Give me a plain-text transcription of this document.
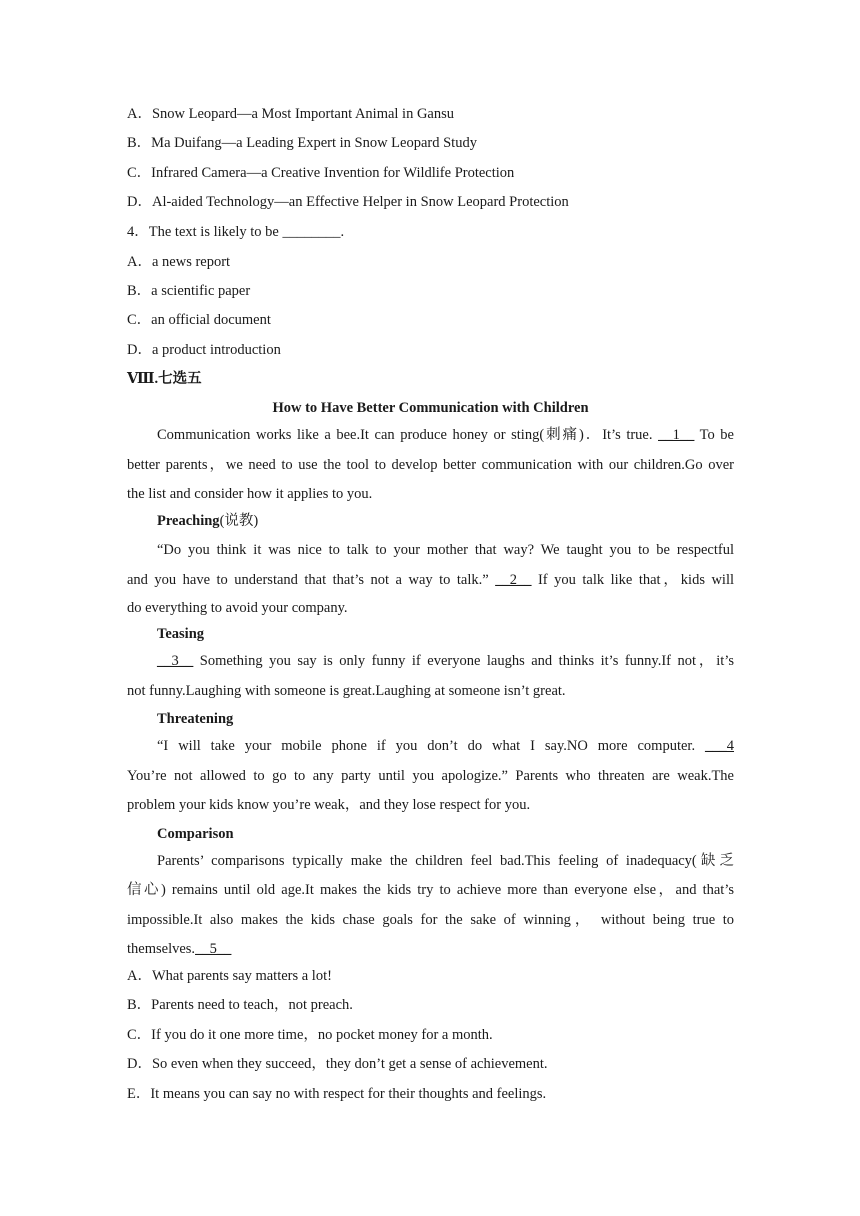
A．Snow Leopard—a Most Important Animal in Gansu
B．Ma Duifang—a Leading Expert in Snow Leopard Study
C．Infrared Camera—a Creative Invention for Wildlife Protection
D．Al-aided Technology—an Effective Helper in Snow Leopard Protection
4．The text is likely to be ________.
A．a news report
B．a scientific paper
C．an official document
D．a product introduction
Ⅷ.七选五
How to Have Better Communication with Children
Communication works like a bee.It can produce honey or sting(刺痛)．It’s true. __1__ To be
better parents，we need to use the tool to develop better communication with our children.Go over
the list and consider how it applies to you.
Preaching(说教)
“Do you think it was nice to talk to your mother that way? We taught you to be respectful
and you have to understand that that’s not a way to talk.” __2__ If you talk like that，kids will
do everything to avoid your company.
Teasing
__3__ Something you say is only funny if everyone laughs and thinks it’s funny.If not，it’s
not funny.Laughing with someone is great.Laughing at someone isn’t great.
Threatening
“I will take your mobile phone if you don’t do what I say.NO more computer. ___4
You’re not allowed to go to any party until you apologize.” Parents who threaten are weak.The
problem your kids know you’re weak，and they lose respect for you.
Comparison
Parents’ comparisons typically make the children feel bad.This feeling of inadequacy(缺乏
信心) remains until old age.It makes the kids try to achieve more than everyone else，and that’s
impossible.It also makes the kids chase goals for the sake of winning， without being true to
themselves.__5__
A．What parents say matters a lot!
B．Parents need to teach，not preach.
C．If you do it one more time，no pocket money for a month.
D．So even when they succeed，they don’t get a sense of achievement.
E．It means you can say no with respect for their thoughts and feelings.
